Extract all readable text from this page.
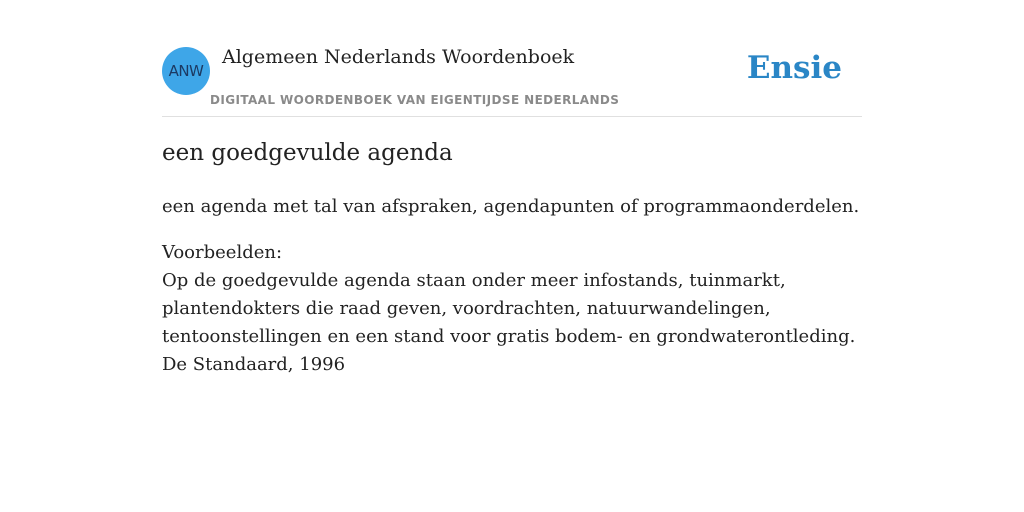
ANW
Algemeen Nederlands Woordenboek
DIGITAAL WOORDENBOEK VAN EIGENTIJDSE NEDERLANDS
Ensie
een goedgevulde agenda

een agenda met tal van afspraken, agendapunten of programmaonderdelen.

Voorbeelden:
Op de goedgevulde agenda staan onder meer infostands, tuinmarkt,
plantendokters die raad geven, voordrachten, natuurwandelingen,
tentoonstellingen en een stand voor gratis bodem- en grondwaterontleding.
De Standaard, 1996
